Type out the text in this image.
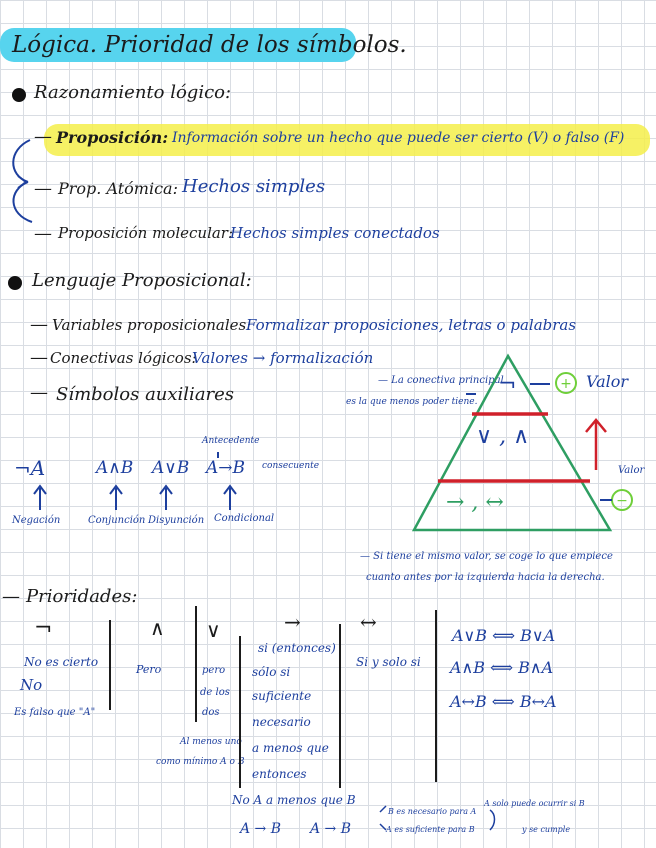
Lógica. Prioridad de los símbolos.
Razonamiento lógico:
— Proposición: Información sobre un hecho que puede ser cierto (V) o falso (F)
— Prop. Atómica: Hechos simples
— Proposición molecular:
Hechos simples conectados
Lenguaje Proposicional:
— Variables proposicionales:
Formalizar proposiciones, letras o palabras
— Conectivas lógicos:
Valores → formalización
— Símbolos auxiliares
Antecedente
¬A	A∧B A∨B A→B consecuente
Negación	Conjunción Disyunción Condicional
— La conectiva principal
es la que menos poder tiene.
¬
∨ , ∧
→ , ↔
Valor
Valor
— Si tiene el mismo valor, se coge lo que empiece
cuanto antes por la izquierda hacia la derecha.
— Prioridades:
¬
No es cierto
No
Es falso que "A"
∧
Pero
∨
pero
de los
dos
Al menos uno
como mínimo A o B
→
si (entonces)
sólo si
suficiente
necesario
a menos que
entonces
↔
Si y solo si
A∨B ⟺ B∨A
A∧B ⟺ B∧A
A↔B ⟺ B↔A
No A a menos que B
A → B A → B
B es necesario para A
A es suficiente para B
A solo puede ocurrir si B
y se cumple
+
−
